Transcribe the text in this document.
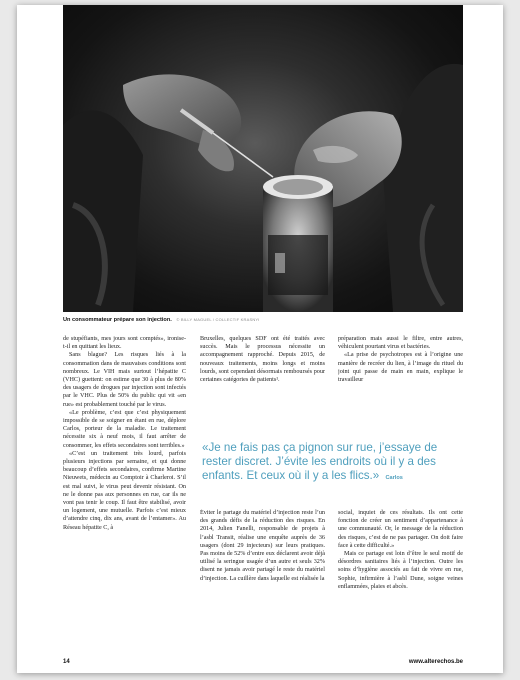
Un consommateur prépare son injection. © BILLY MAGUEL / COLLECTIF KRASNYI

de stupéfiants, mes jours sont comptés», ironise-t-il en quittant les lieux.

Sans blague? Les risques liés à la consommation dans de mauvaises conditions sont nombreux. Le VIH mais surtout l’hépatite C (VHC) guettent: on estime que 30 à plus de 80% des usagers de drogues par injection sont infectés par le VHC. Plus de 50% du public qui vit «en rue» est probablement touché par le virus.

«Le problème, c’est que c’est physiquement impossible de se soigner en étant en rue, déplore Carlos, porteur de la maladie. Le traitement nécessite six à neuf mois, il faut arrêter de consommer, les effets secondaires sont terribles.»

«C’est un traitement très lourd, parfois plusieurs injections par semaine, et qui donne beaucoup d’effets secondaires, confirme Martine Nieuwets, médecin au Comptoir à Charleroi. S’il est mal suivi, le virus peut devenir résistant. On ne le donne pas aux personnes en rue, car ils ne vont pas tenir le coup. Il faut être stabilisé, avoir un logement, une mutuelle. Parfois c’est mieux d’attendre cinq, dix ans, avant de l’entamer». Au Réseau hépatite C, à

Bruxelles, quelques SDF ont été traités avec succès. Mais le processus nécessite un accompagnement rapproché. Depuis 2015, de nouveaux traitements, moins longs et moins lourds, sont cependant désormais remboursés pour certaines catégories de patients¹.

préparation mais aussi le filtre, entre autres, véhiculent pourtant virus et bactéries.

«La prise de psychotropes est à l’origine une manière de recréer du lien, à l’image du rituel du joint qui passe de main en main, explique le travailleur

«Je ne fais pas ça pignon sur rue, j’essaye de rester discret. J’évite les endroits où il y a des enfants. Et ceux où il y a les flics.» Carlos

Éviter le partage du matériel d’injection reste l’un des grands défis de la réduction des risques. En 2014, Julien Fanelli, responsable de projets à l’asbl Transit, réalise une enquête auprès de 36 usagers (dont 29 injecteurs) sur leurs pratiques. Pas moins de 52% d’entre eux déclarent avoir déjà utilisé la seringue usagée d’un autre et seuls 32% disent ne jamais avoir partagé le reste du matériel d’injection. La cuillère dans laquelle est réalisée la

social, inquiet de ces résultats. Ils ont cette fonction de créer un sentiment d’appartenance à une communauté. Or, le message de la réduction des risques, c’est de ne pas partager. On doit faire face à cette difficulté.»

Mais ce partage est loin d’être le seul motif de désordres sanitaires liés à l’injection. Outre les soins d’hygiène associés au fait de vivre en rue, Sophie, infirmière à l’asbl Dune, soigne veines enflammées, plaies et abcès.

14	www.alterechos.be
